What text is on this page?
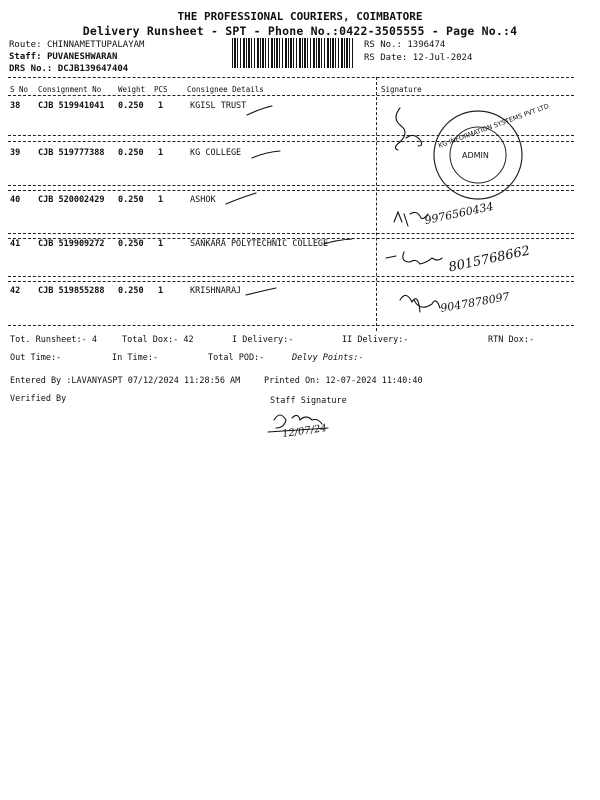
THE PROFESSIONAL COURIERS, COIMBATORE
Delivery Runsheet - SPT - Phone No.:0422-3505555 - Page No.:4
Route: CHINNAMETTUPALAYAM
Staff: PUVANESHWARAN
DRS No.: DCJB139647404
RS No.: 1396474
RS Date: 12-Jul-2024
S No Consignment No Weight PCS	Consignee Details	Signature
38 CJB 519941041 0.250 1	KGISL TRUST
39 CJB 519777388 0.250 1	KG COLLEGE
40 CJB 520002429 0.250 1	ASHOK
41 CJB 519909272 0.250 1	SANKARA POLYTECHNIC COLLEGE
42 CJB 519855288 0.250 1	KRISHNARAJ
KG INFORMATION SYSTEMS PVT LTD
ADMIN
9976560434
8015768662
9047878097
Tot. Runsheet:- 4	Total Dox:- 42	I Delivery:-	II Delivery:-	RTN Dox:-
Out Time:-	In Time:-	Total POD:-	Delvy Points:-
Entered By :LAVANYASPT 07/12/2024 11:28:56 AM	Printed On: 12-07-2024 11:40:40
Verified By	Staff Signature
12/07/24
